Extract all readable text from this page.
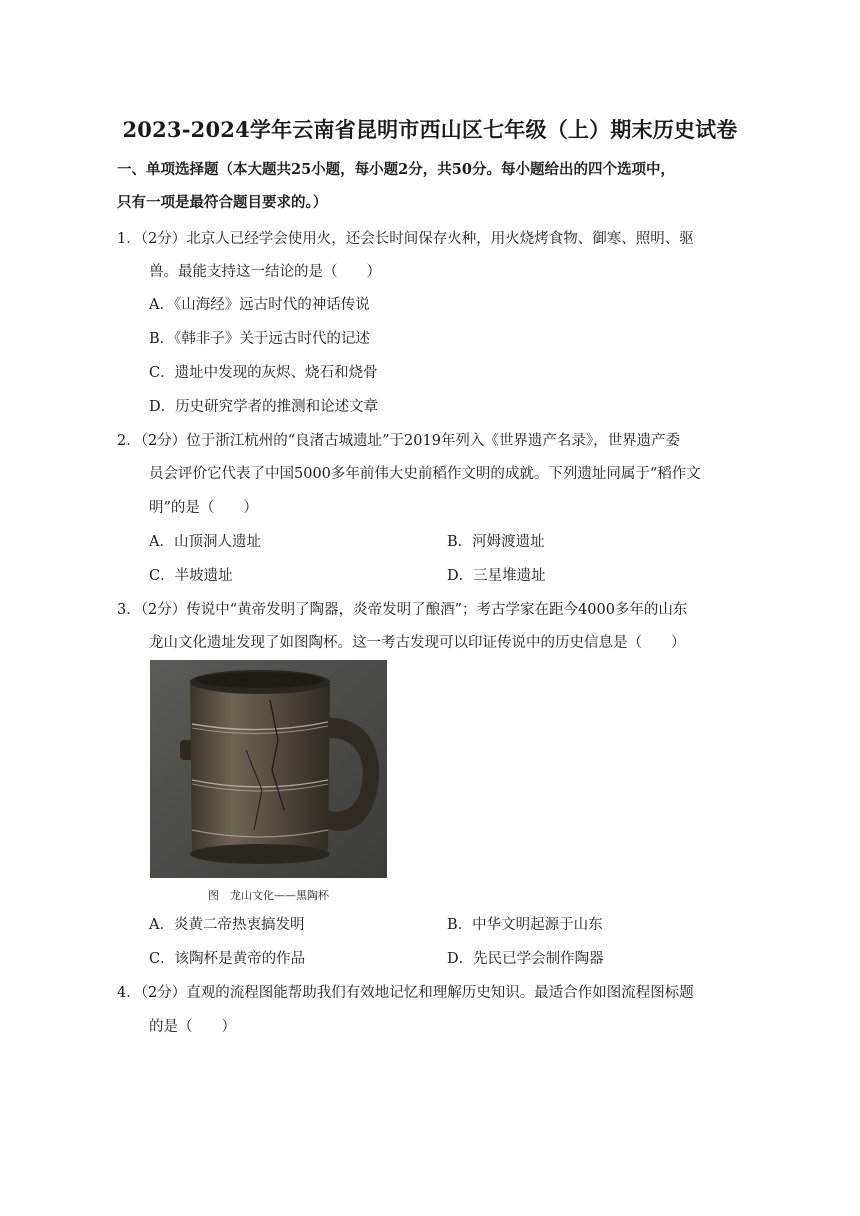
2023-2024学年云南省昆明市西山区七年级（上）期末历史试卷
一、单项选择题（本大题共25小题，每小题2分，共50分。每小题给出的四个选项中，
只有一项是最符合题目要求的。）
1．（2分）北京人已经学会使用火，还会长时间保存火种，用火烧烤食物、御寒、照明、驱
兽。最能支持这一结论的是（　　）
A．《山海经》远古时代的神话传说
B．《韩非子》关于远古时代的记述
C．遗址中发现的灰烬、烧石和烧骨
D．历史研究学者的推测和论述文章
2．（2分）位于浙江杭州的“良渚古城遗址”于2019年列入《世界遗产名录》，世界遗产委
员会评价它代表了中国5000多年前伟大史前稻作文明的成就。下列遗址同属于“稻作文
明”的是（　　）
A．山顶洞人遗址	B．河姆渡遗址
C．半坡遗址	D．三星堆遗址
3．（2分）传说中“黄帝发明了陶器，炎帝发明了酿酒”；考古学家在距今4000多年的山东
龙山文化遗址发现了如图陶杯。这一考古发现可以印证传说中的历史信息是（　　）
图　龙山文化——黑陶杯
A．炎黄二帝热衷搞发明	B．中华文明起源于山东
C．该陶杯是黄帝的作品	D．先民已学会制作陶器
4．（2分）直观的流程图能帮助我们有效地记忆和理解历史知识。最适合作如图流程图标题
的是（　　）
